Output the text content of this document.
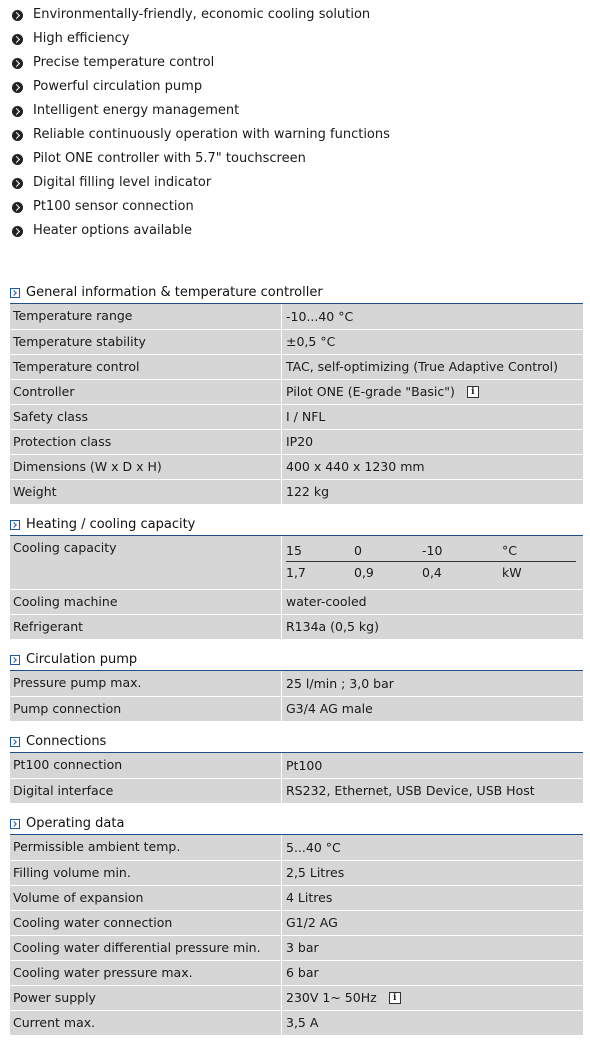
Environmentally-friendly, economic cooling solution
High efficiency
Precise temperature control
Powerful circulation pump
Intelligent energy management
Reliable continuously operation with warning functions
Pilot ONE controller with 5.7" touchscreen
Digital filling level indicator
Pt100 sensor connection
Heater options available
General information & temperature controller
Temperature range	-10...40 °C
Temperature stability	±0,5 °C
Temperature control	TAC, self-optimizing (True Adaptive Control)
Controller	Pilot ONE (E-grade "Basic")	i
Safety class	I / NFL
Protection class	IP20
Dimensions (W x D x H)	400 x 440 x 1230 mm
Weight	122 kg
Heating / cooling capacity
Cooling capacity	15	0	-10	°C
1,7	0,9	0,4	kW
Cooling machine	water-cooled
Refrigerant	R134a (0,5 kg)
Circulation pump
Pressure pump max.	25 l/min ; 3,0 bar
Pump connection	G3/4 AG male
Connections
Pt100 connection	Pt100
Digital interface	RS232, Ethernet, USB Device, USB Host
Operating data
Permissible ambient temp.	5...40 °C
Filling volume min.	2,5 Litres
Volume of expansion	4 Litres
Cooling water connection	G1/2 AG
Cooling water differential pressure min.	3 bar
Cooling water pressure max.	6 bar
Power supply	230V 1~ 50Hz	i
Current max.	3,5 A
